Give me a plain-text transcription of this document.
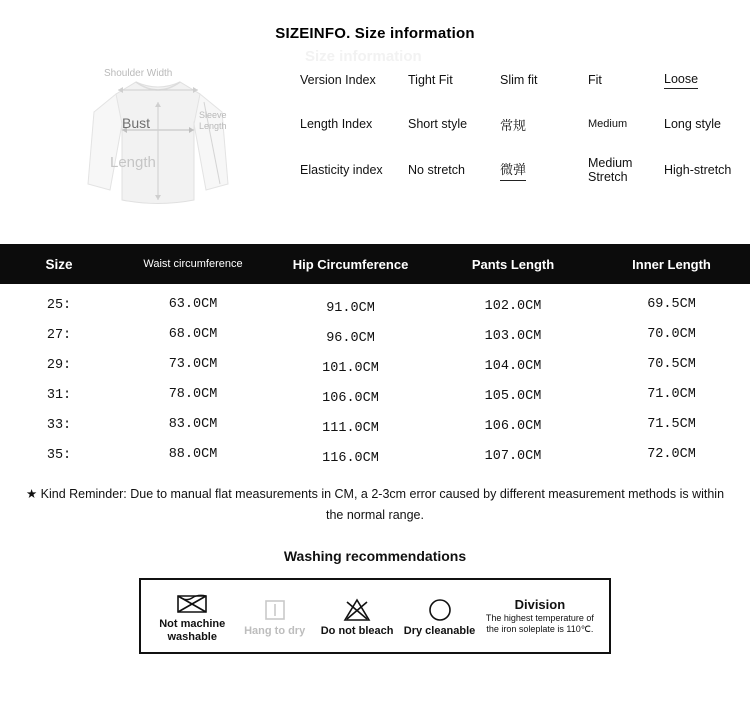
SIZEINFO. Size information
Shoulder Width
Sleeve
Length
Bust
Length
Size information
Version Index	Tight Fit	Slim fit	Fit	Loose
Length Index	Short style	常规	Medium	Long style
Elasticity index	No stretch	微弹	Medium Stretch	High-stretch
Size	Waist circumference	Hip Circumference	Pants Length	Inner Length
25:	63.0CM	91.0CM	102.0CM	69.5CM
27:	68.0CM	96.0CM	103.0CM	70.0CM
29:	73.0CM	101.0CM	104.0CM	70.5CM
31:	78.0CM	106.0CM	105.0CM	71.0CM
33:	83.0CM	111.0CM	106.0CM	71.5CM
35:	88.0CM	116.0CM	107.0CM	72.0CM
★ Kind Reminder: Due to manual flat measurements in CM, a 2-3cm error caused by different measurement methods is within the normal range.
Washing recommendations
Not machine washable
Hang to dry	Do not bleach Dry cleanable
Division
The highest temperature of the iron soleplate is 110℃.
